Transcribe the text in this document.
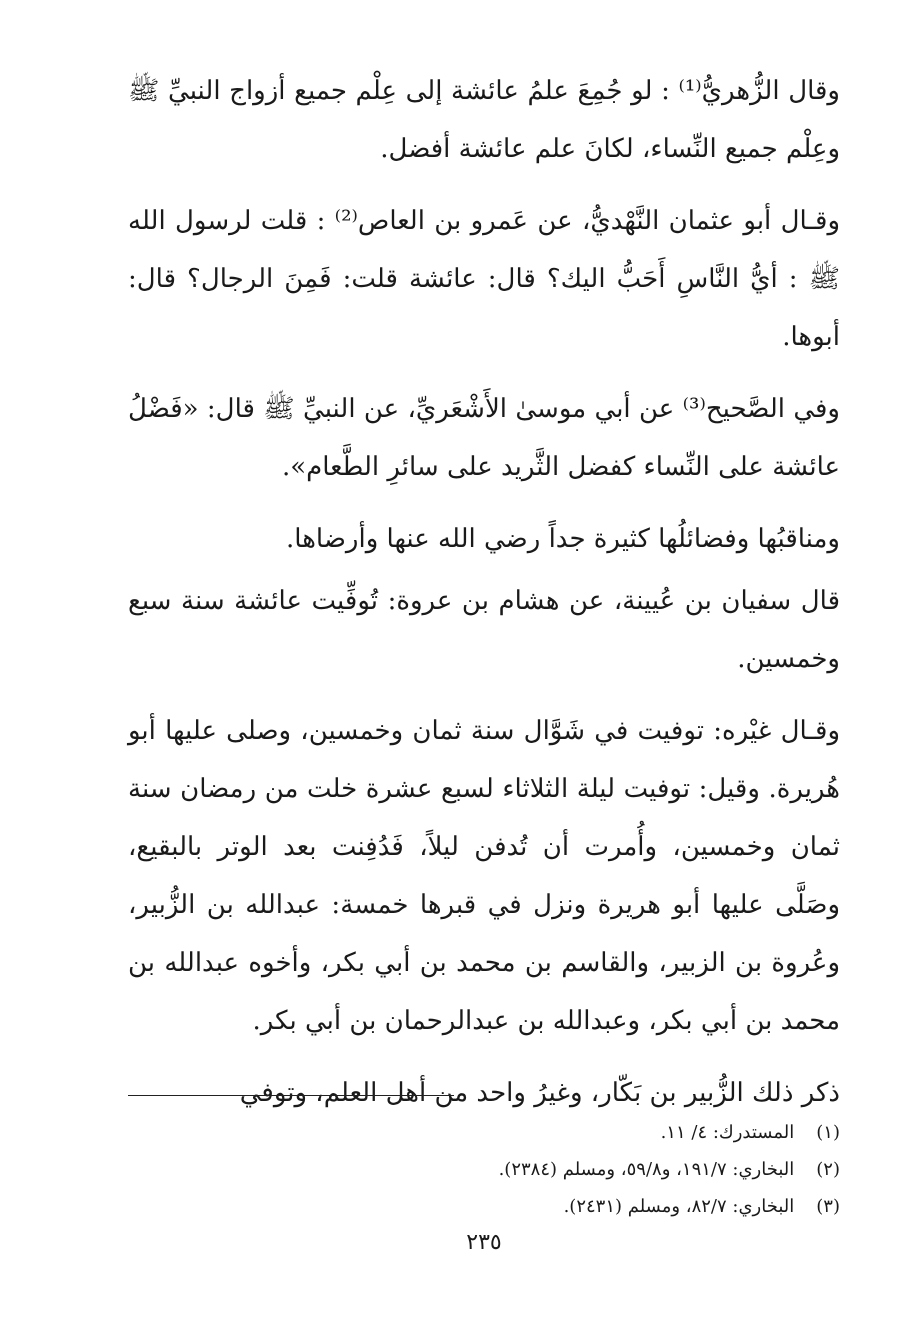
وقال الزُّهريُّ⁽¹⁾ : لو جُمِعَ علمُ عائشة إلى عِلْم جميع أزواج النبيِّ ﷺ وعِلْم جميع النِّساء، لكانَ علم عائشة أفضل.

وقـال أبو عثمان النَّهْديُّ، عن عَمرو بن العاص⁽²⁾ : قلت لرسول الله ﷺ : أيُّ النَّاسِ أَحَبُّ اليك؟ قال: عائشة قلت: فَمِنَ الرجال؟ قال: أبوها.

وفي الصَّحيح⁽³⁾ عن أبي موسىٰ الأَشْعَريِّ، عن النبيِّ ﷺ قال: «فَضْلُ عائشة على النِّساء كفضل الثَّريد على سائرِ الطَّعام».

ومناقبُها وفضائلُها كثيرة جداً رضي الله عنها وأرضاها.

قال سفيان بن عُيينة، عن هشام بن عروة: تُوفِّيت عائشة سنة سبع وخمسين.

وقـال غيْره: توفيت في شَوَّال سنة ثمان وخمسين، وصلى عليها أبو هُريرة. وقيل: توفيت ليلة الثلاثاء لسبع عشرة خلت من رمضان سنة ثمان وخمسين، وأُمرت أن تُدفن ليلاً، فَدُفِنت بعد الوتر بالبقيع، وصَلَّى عليها أبو هريرة ونزل في قبرها خمسة: عبدالله بن الزُّبير، وعُروة بن الزبير، والقاسم بن محمد بن أبي بكر، وأخوه عبدالله بن محمد بن أبي بكر، وعبدالله بن عبدالرحمان بن أبي بكر.

ذكر ذلك الزُّبير بن بَكّار، وغيرُ واحد من أهل العلم، وتوفي

(١) المستدرك: ٤/ ١١.
(٢) البخاري: ١٩١/٧، و٥٩/٨، ومسلم (٢٣٨٤).
(٣) البخاري: ٨٢/٧، ومسلم (٢٤٣١).
٢٣٥
